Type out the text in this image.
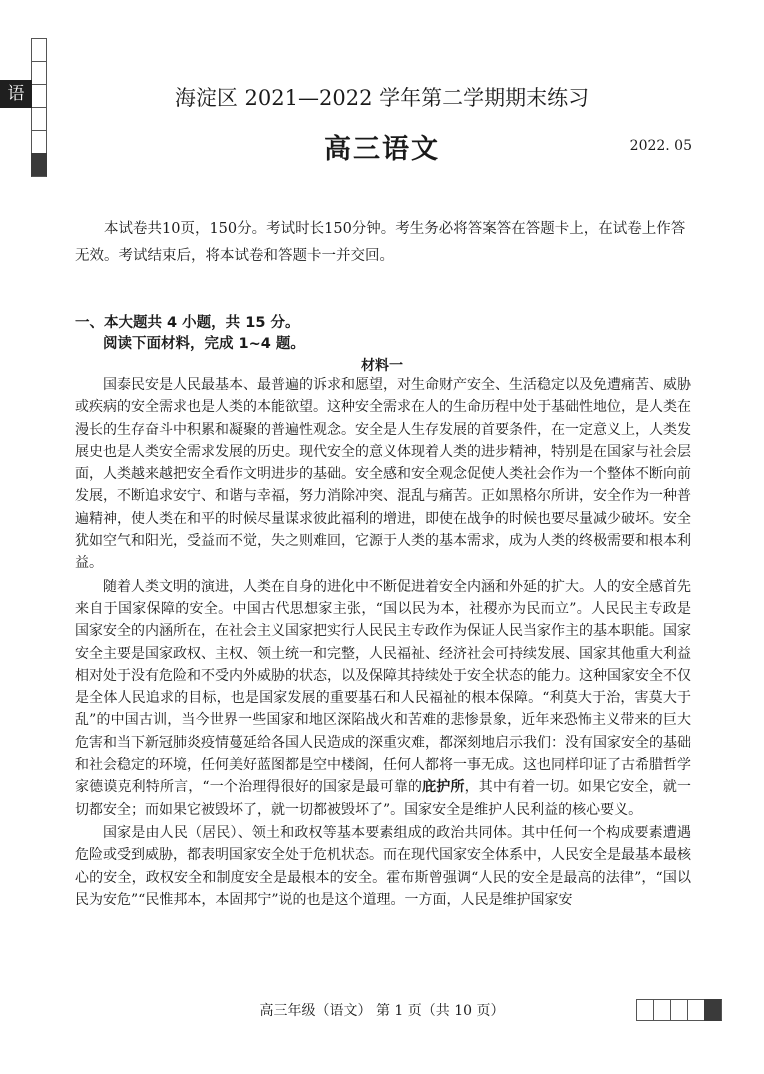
语	海淀区 2021—2022 学年第二学期期末练习
高三语文	2022. 05

本试卷共10页，150分。考试时长150分钟。考生务必将答案答在答题卡上，在试卷上作答无效。考试结束后，将本试卷和答题卡一并交回。

一、本大题共 4 小题，共 15 分。
阅读下面材料，完成 1~4 题。
材料一

国泰民安是人民最基本、最普遍的诉求和愿望，对生命财产安全、生活稳定以及免遭痛苦、威胁或疾病的安全需求也是人类的本能欲望。这种安全需求在人的生命历程中处于基础性地位，是人类在漫长的生存奋斗中积累和凝聚的普遍性观念。安全是人生存发展的首要条件，在一定意义上，人类发展史也是人类安全需求发展的历史。现代安全的意义体现着人类的进步精神，特别是在国家与社会层面，人类越来越把安全看作文明进步的基础。安全感和安全观念促使人类社会作为一个整体不断向前发展，不断追求安宁、和谐与幸福，努力消除冲突、混乱与痛苦。正如黑格尔所讲，安全作为一种普遍精神，使人类在和平的时候尽量谋求彼此福利的增进，即使在战争的时候也要尽量减少破坏。安全犹如空气和阳光，受益而不觉，失之则难回，它源于人类的基本需求，成为人类的终极需要和根本利益。

随着人类文明的演进，人类在自身的进化中不断促进着安全内涵和外延的扩大。人的安全感首先来自于国家保障的安全。中国古代思想家主张，“国以民为本，社稷亦为民而立”。人民民主专政是国家安全的内涵所在，在社会主义国家把实行人民民主专政作为保证人民当家作主的基本职能。国家安全主要是国家政权、主权、领土统一和完整，人民福祉、经济社会可持续发展、国家其他重大利益相对处于没有危险和不受内外威胁的状态，以及保障其持续处于安全状态的能力。这种国家安全不仅是全体人民追求的目标，也是国家发展的重要基石和人民福祉的根本保障。“利莫大于治，害莫大于乱”的中国古训，当今世界一些国家和地区深陷战火和苦难的悲惨景象，近年来恐怖主义带来的巨大危害和当下新冠肺炎疫情蔓延给各国人民造成的深重灾难，都深刻地启示我们：没有国家安全的基础和社会稳定的环境，任何美好蓝图都是空中楼阁，任何人都将一事无成。这也同样印证了古希腊哲学家德谟克利特所言，“一个治理得很好的国家是最可靠的庇护所，其中有着一切。如果它安全，就一切都安全；而如果它被毁坏了，就一切都被毁坏了”。国家安全是维护人民利益的核心要义。

国家是由人民（居民）、领土和政权等基本要素组成的政治共同体。其中任何一个构成要素遭遇危险或受到威胁，都表明国家安全处于危机状态。而在现代国家安全体系中，人民安全是最基本最核心的安全，政权安全和制度安全是最根本的安全。霍布斯曾强调“人民的安全是最高的法律”，“国以民为安危”“民惟邦本，本固邦宁”说的也是这个道理。一方面，人民是维护国家安

高三年级（语文） 第 1 页（共 10 页）
